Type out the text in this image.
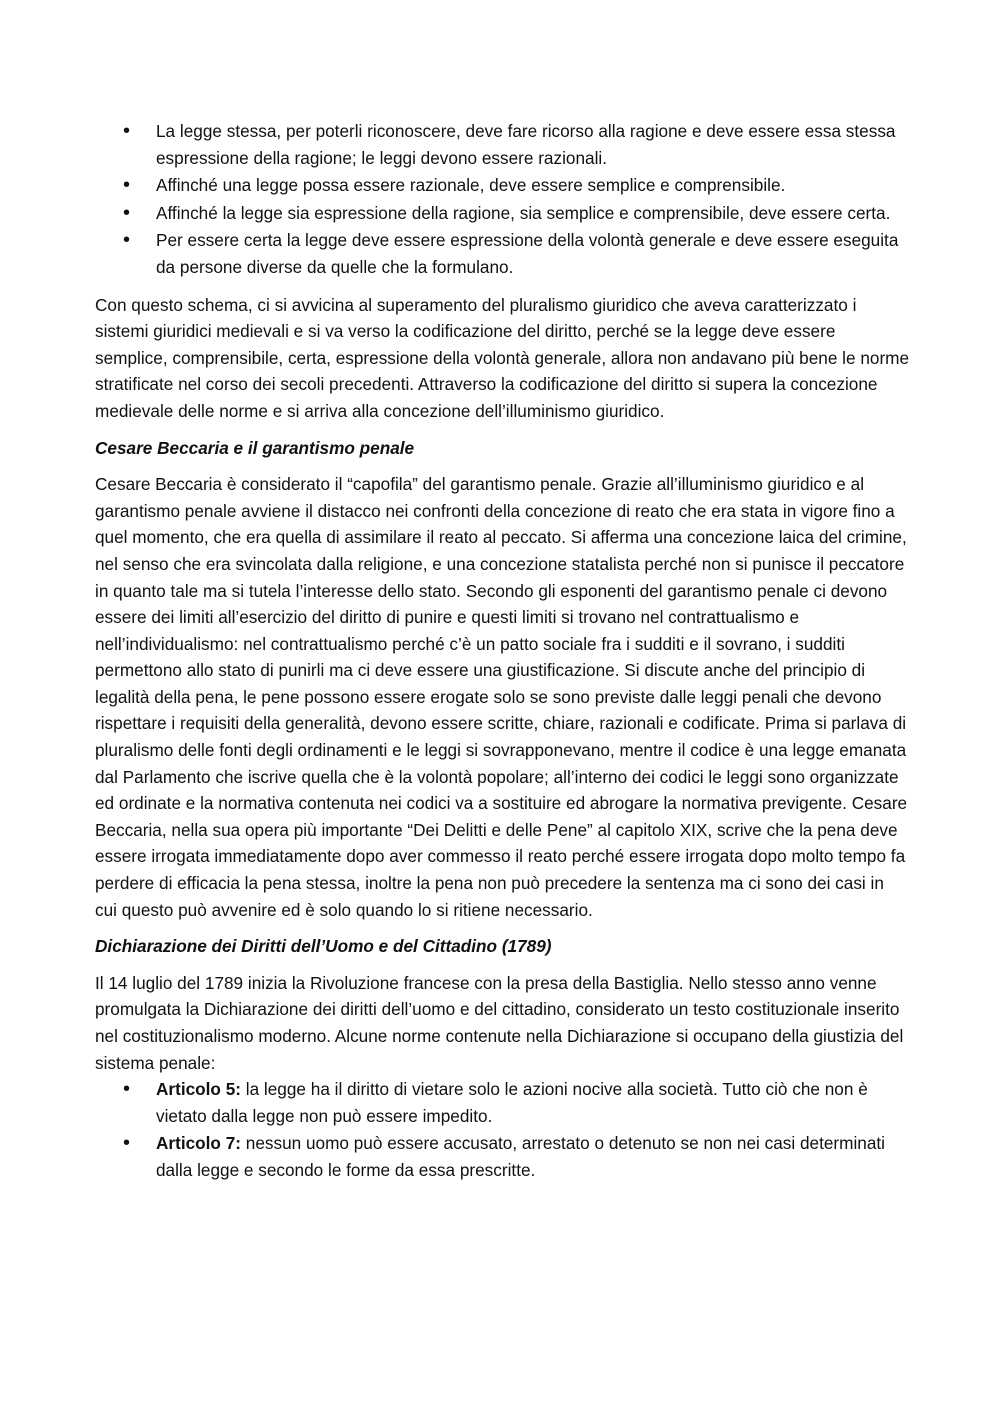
• La legge stessa, per poterli riconoscere, deve fare ricorso alla ragione e deve essere essa stessa espressione della ragione; le leggi devono essere razionali.
• Affinché una legge possa essere razionale, deve essere semplice e comprensibile.
• Affinché la legge sia espressione della ragione, sia semplice e comprensibile, deve essere certa.
• Per essere certa la legge deve essere espressione della volontà generale e deve essere eseguita da persone diverse da quelle che la formulano.

Con questo schema, ci si avvicina al superamento del pluralismo giuridico che aveva caratterizzato i sistemi giuridici medievali e si va verso la codificazione del diritto, perché se la legge deve essere semplice, comprensibile, certa, espressione della volontà generale, allora non andavano più bene le norme stratificate nel corso dei secoli precedenti. Attraverso la codificazione del diritto si supera la concezione medievale delle norme e si arriva alla concezione dell’illuminismo giuridico.

Cesare Beccaria e il garantismo penale

Cesare Beccaria è considerato il “capofila” del garantismo penale. Grazie all’illuminismo giuridico e al garantismo penale avviene il distacco nei confronti della concezione di reato che era stata in vigore fino a quel momento, che era quella di assimilare il reato al peccato. Si afferma una concezione laica del crimine, nel senso che era svincolata dalla religione, e una concezione statalista perché non si punisce il peccatore in quanto tale ma si tutela l’interesse dello stato. Secondo gli esponenti del garantismo penale ci devono essere dei limiti all’esercizio del diritto di punire e questi limiti si trovano nel contrattualismo e nell’individualismo: nel contrattualismo perché c’è un patto sociale fra i sudditi e il sovrano, i sudditi permettono allo stato di punirli ma ci deve essere una giustificazione. Si discute anche del principio di legalità della pena, le pene possono essere erogate solo se sono previste dalle leggi penali che devono rispettare i requisiti della generalità, devono essere scritte, chiare, razionali e codificate. Prima si parlava di pluralismo delle fonti degli ordinamenti e le leggi si sovrapponevano, mentre il codice è una legge emanata dal Parlamento che iscrive quella che è la volontà popolare; all’interno dei codici le leggi sono organizzate ed ordinate e la normativa contenuta nei codici va a sostituire ed abrogare la normativa previgente. Cesare Beccaria, nella sua opera più importante “Dei Delitti e delle Pene” al capitolo XIX, scrive che la pena deve essere irrogata immediatamente dopo aver commesso il reato perché essere irrogata dopo molto tempo fa perdere di efficacia la pena stessa, inoltre la pena non può precedere la sentenza ma ci sono dei casi in cui questo può avvenire ed è solo quando lo si ritiene necessario.

Dichiarazione dei Diritti dell’Uomo e del Cittadino (1789)

Il 14 luglio del 1789 inizia la Rivoluzione francese con la presa della Bastiglia. Nello stesso anno venne promulgata la Dichiarazione dei diritti dell’uomo e del cittadino, considerato un testo costituzionale inserito nel costituzionalismo moderno. Alcune norme contenute nella Dichiarazione si occupano della giustizia del sistema penale:

• Articolo 5: la legge ha il diritto di vietare solo le azioni nocive alla società. Tutto ciò che non è vietato dalla legge non può essere impedito.
• Articolo 7: nessun uomo può essere accusato, arrestato o detenuto se non nei casi determinati dalla legge e secondo le forme da essa prescritte.
